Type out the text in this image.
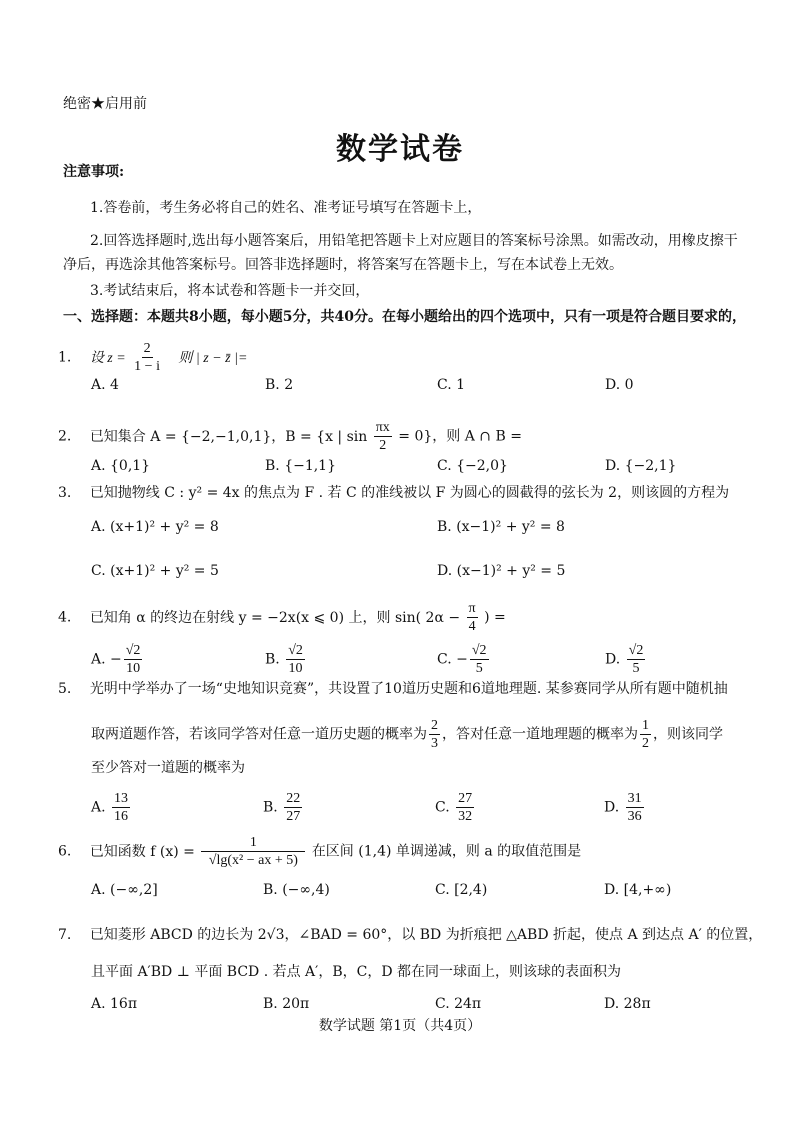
绝密★启用前
数学试卷
注意事项:
1.答卷前，考生务必将自己的姓名、准考证号填写在答题卡上，
2.回答选择题时,选出每小题答案后，用铅笔把答题卡上对应题目的答案标号涂黑。如需改动，用橡皮擦干
净后，再选涂其他答案标号。回答非选择题时，将答案写在答题卡上，写在本试卷上无效。
3.考试结束后，将本试卷和答题卡一并交回，
一、选择题：本题共8小题，每小题5分，共40分。在每小题给出的四个选项中，只有一项是符合题目要求的，
1. 设 $z = \frac{2}{1 - i}$ 则 | z − z̄ |=
A. 4	B. 2	C. 1	D. 0
2. 已知集合 A = {−2,−1,0,1}，B = {x | $\sin \frac{\pi x}{2} = 0$}，则 A ∩ B =
A. {0,1}	B. {−1,1}	C. {−2,0}	D. {−2,1}
3. 已知抛物线 C : y² = 4x 的焦点为 F . 若 C 的准线被以 F 为圆心的圆截得的弦长为 2，则该圆的方程为
A. (x+1)² + y² = 8	B. (x−1)² + y² = 8
C. (x+1)² + y² = 5	D. (x−1)² + y² = 5
4. 已知角 α 的终边在射线 y = −2x(x ⩽ 0) 上，则 sin( $2\alpha - \frac{\pi}{4}$ ) =
A. − $\frac{√2}{10}$	B. $\frac{√2}{10}$	C. − $\frac{√2}{5}$	D. $\frac{√2}{5}$
5. 光明中学举办了一场“史地知识竞赛”，共设置了10道历史题和6道地理题. 某参赛同学从所有题中随机抽
取两道题作答，若该同学答对任意一道历史题的概率为 $\frac{2}{3}$ ，答对任意一道地理题的概率为 $\frac{1}{2}$ ，则该同学
至少答对一道题的概率为
A. $\frac{13}{16}$	B. $\frac{22}{27}$	C. $\frac{27}{32}$	D. $\frac{31}{36}$
6. 已知函数 f $(x) = \frac{1}{\text{√lg(x² − ax + 5)}}$ 在区间 (1,4) 单调递减，则 a 的取值范围是
A. (−∞,2]	B. (−∞,4)	C. [2,4)	D. [4,+∞)
7. 已知菱形 ABCD 的边长为 2√3，∠BAD = 60°，以 BD 为折痕把 △ABD 折起，使点 A 到达点 A′ 的位置，
且平面 A′BD ⊥ 平面 BCD . 若点 A′，B，C，D 都在同一球面上，则该球的表面积为
A. 16π	B. 20π	C. 24π	D. 28π
数学试题 第1页（共4页）
